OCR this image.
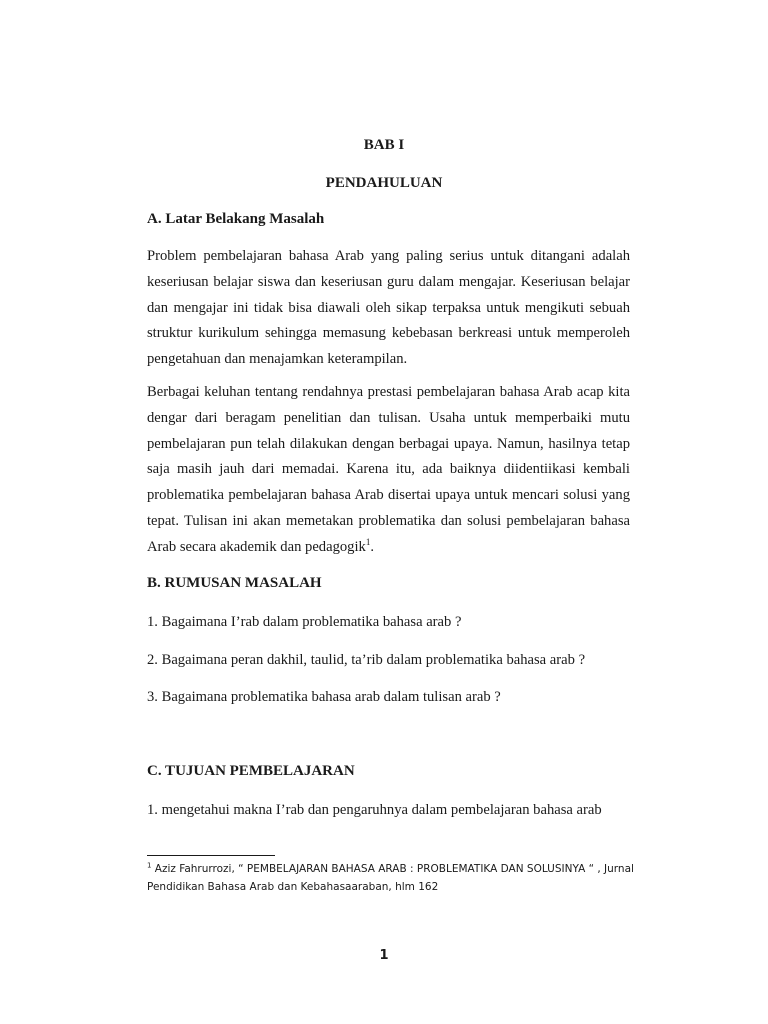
BAB I
PENDAHULUAN
A. Latar Belakang Masalah

Problem pembelajaran bahasa Arab yang paling serius untuk ditangani adalah keseriusan belajar siswa dan keseriusan guru dalam mengajar. Keseriusan belajar dan mengajar ini tidak bisa diawali oleh sikap terpaksa untuk mengikuti sebuah struktur kurikulum sehingga memasung kebebasan berkreasi untuk memperoleh pengetahuan dan menajamkan keterampilan.

Berbagai keluhan tentang rendahnya prestasi pembelajaran bahasa Arab acap kita dengar dari beragam penelitian dan tulisan. Usaha untuk memperbaiki mutu pembelajaran pun telah dilakukan dengan berbagai upaya. Namun, hasilnya tetap saja masih jauh dari memadai. Karena itu, ada baiknya diidentiikasi kembali problematika pembelajaran bahasa Arab disertai upaya untuk mencari solusi yang tepat. Tulisan ini akan memetakan problematika dan solusi pembelajaran bahasa Arab secara akademik dan pedagogik$^1$.

B. RUMUSAN MASALAH
1. Bagaimana I’rab dalam problematika bahasa arab ?
2. Bagaimana peran dakhil, taulid, ta’rib dalam problematika bahasa arab ?
3. Bagaimana problematika bahasa arab dalam tulisan arab ?
C. TUJUAN PEMBELAJARAN
1. mengetahui makna I’rab dan pengaruhnya dalam pembelajaran bahasa arab
$^1$ Aziz Fahrurrozi, “ PEMBELAJARAN BAHASA ARAB : PROBLEMATIKA DAN SOLUSINYA “ , Jurnal Pendidikan Bahasa Arab dan Kebahasaaraban, hlm 162
1
